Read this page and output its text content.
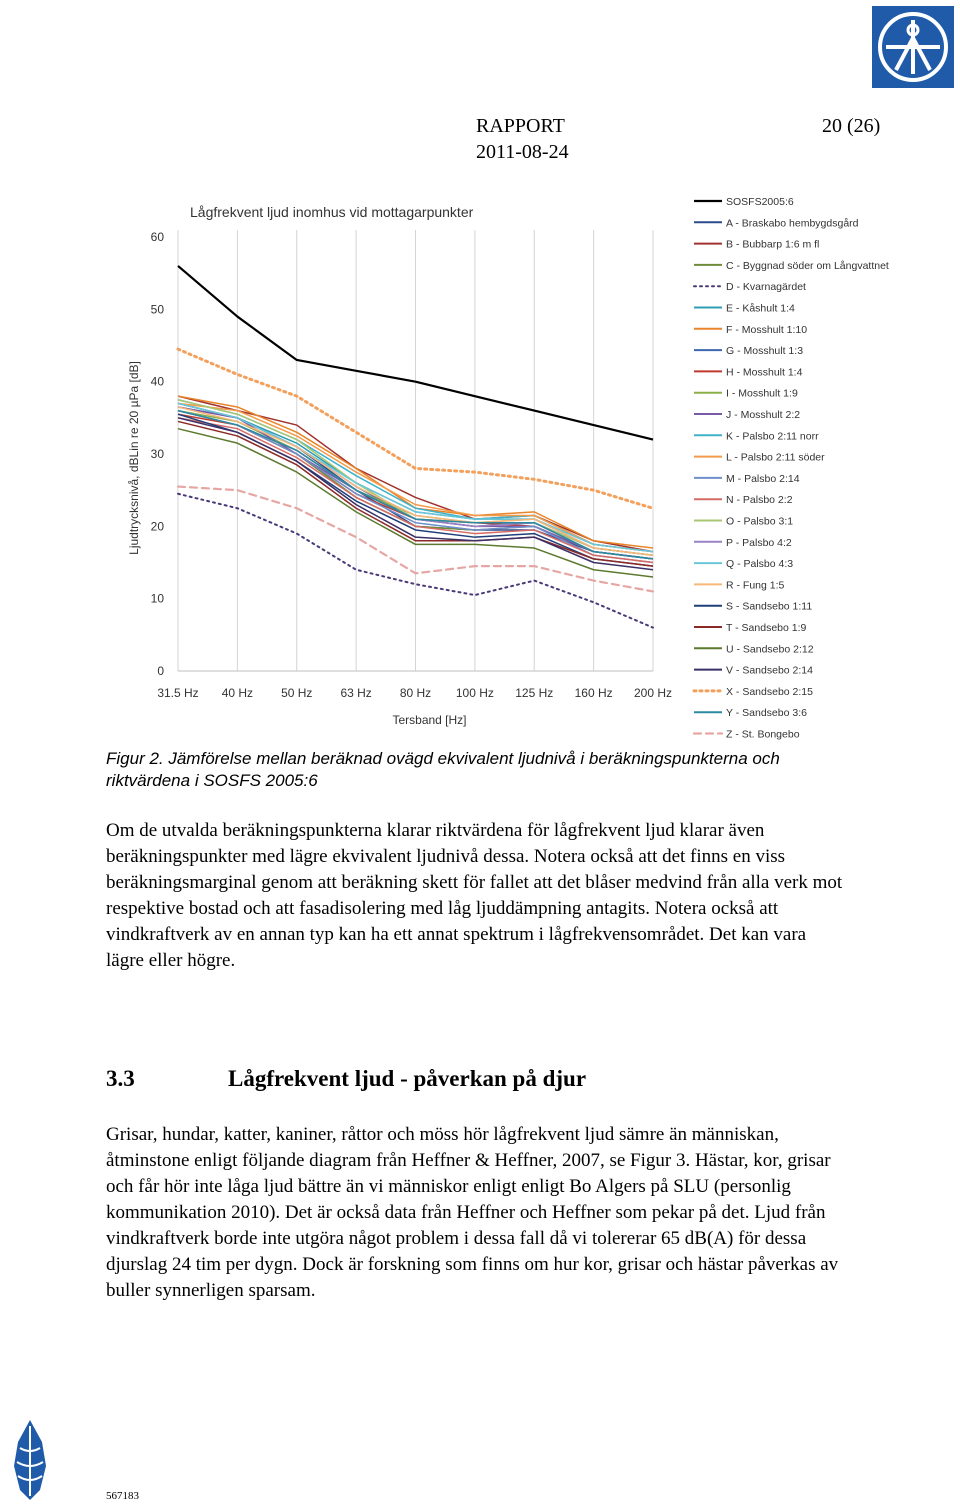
RAPPORT	20 (26)
2011-08-24
Lågfrekvent ljud inomhus vid mottagarpunkter
0
10
20
30
40
50
60
31.5 Hz 40 Hz 50 Hz 63 Hz 80 Hz 100 Hz 125 Hz 160 Hz 200 Hz
Tersband [Hz]
Ljudtrycksnivå, dBLin re 20 µPa [dB]
SOSFS2005:6
A - Braskabo hembygdsgård
B - Bubbarp 1:6 m fl
C - Byggnad söder om Långvattnet
D - Kvarnagärdet
E - Kåshult 1:4
F - Mosshult 1:10
G - Mosshult 1:3
H - Mosshult 1:4
I - Mosshult 1:9
J - Mosshult 2:2
K - Palsbo 2:11 norr
L - Palsbo 2:11 söder
M - Palsbo 2:14
N - Palsbo 2:2
O - Palsbo 3:1
P - Palsbo 4:2
Q - Palsbo 4:3
R - Fung 1:5
S - Sandsebo 1:11
T - Sandsebo 1:9
U - Sandsebo 2:12
V - Sandsebo 2:14
X - Sandsebo 2:15
Y - Sandsebo 3:6
Z - St. Bongebo
Figur 2. Jämförelse mellan beräknad ovägd ekvivalent ljudnivå i beräkningspunkterna och riktvärdena i SOSFS 2005:6
Om de utvalda beräkningspunkterna klarar riktvärdena för lågfrekvent ljud klarar även beräkningspunkter med lägre ekvivalent ljudnivå dessa. Notera också att det finns en viss beräkningsmarginal genom att beräkning skett för fallet att det blåser medvind från alla verk mot respektive bostad och att fasadisolering med låg ljuddämpning antagits. Notera också att vindkraftverk av en annan typ kan ha ett annat spektrum i lågfrekvensområdet. Det kan vara lägre eller högre.
3.3	Lågfrekvent ljud - påverkan på djur
Grisar, hundar, katter, kaniner, råttor och möss hör lågfrekvent ljud sämre än människan, åtminstone enligt följande diagram från Heffner & Heffner, 2007, se Figur 3. Hästar, kor, grisar och får hör inte låga ljud bättre än vi människor enligt enligt Bo Algers på SLU (personlig kommunikation 2010). Det är också data från Heffner och Heffner som pekar på det. Ljud från vindkraftverk borde inte utgöra något problem i dessa fall då vi tolererar 65 dB(A) för dessa djurslag 24 tim per dygn. Dock är forskning som finns om hur kor, grisar och hästar påverkas av buller synnerligen sparsam.
567183
